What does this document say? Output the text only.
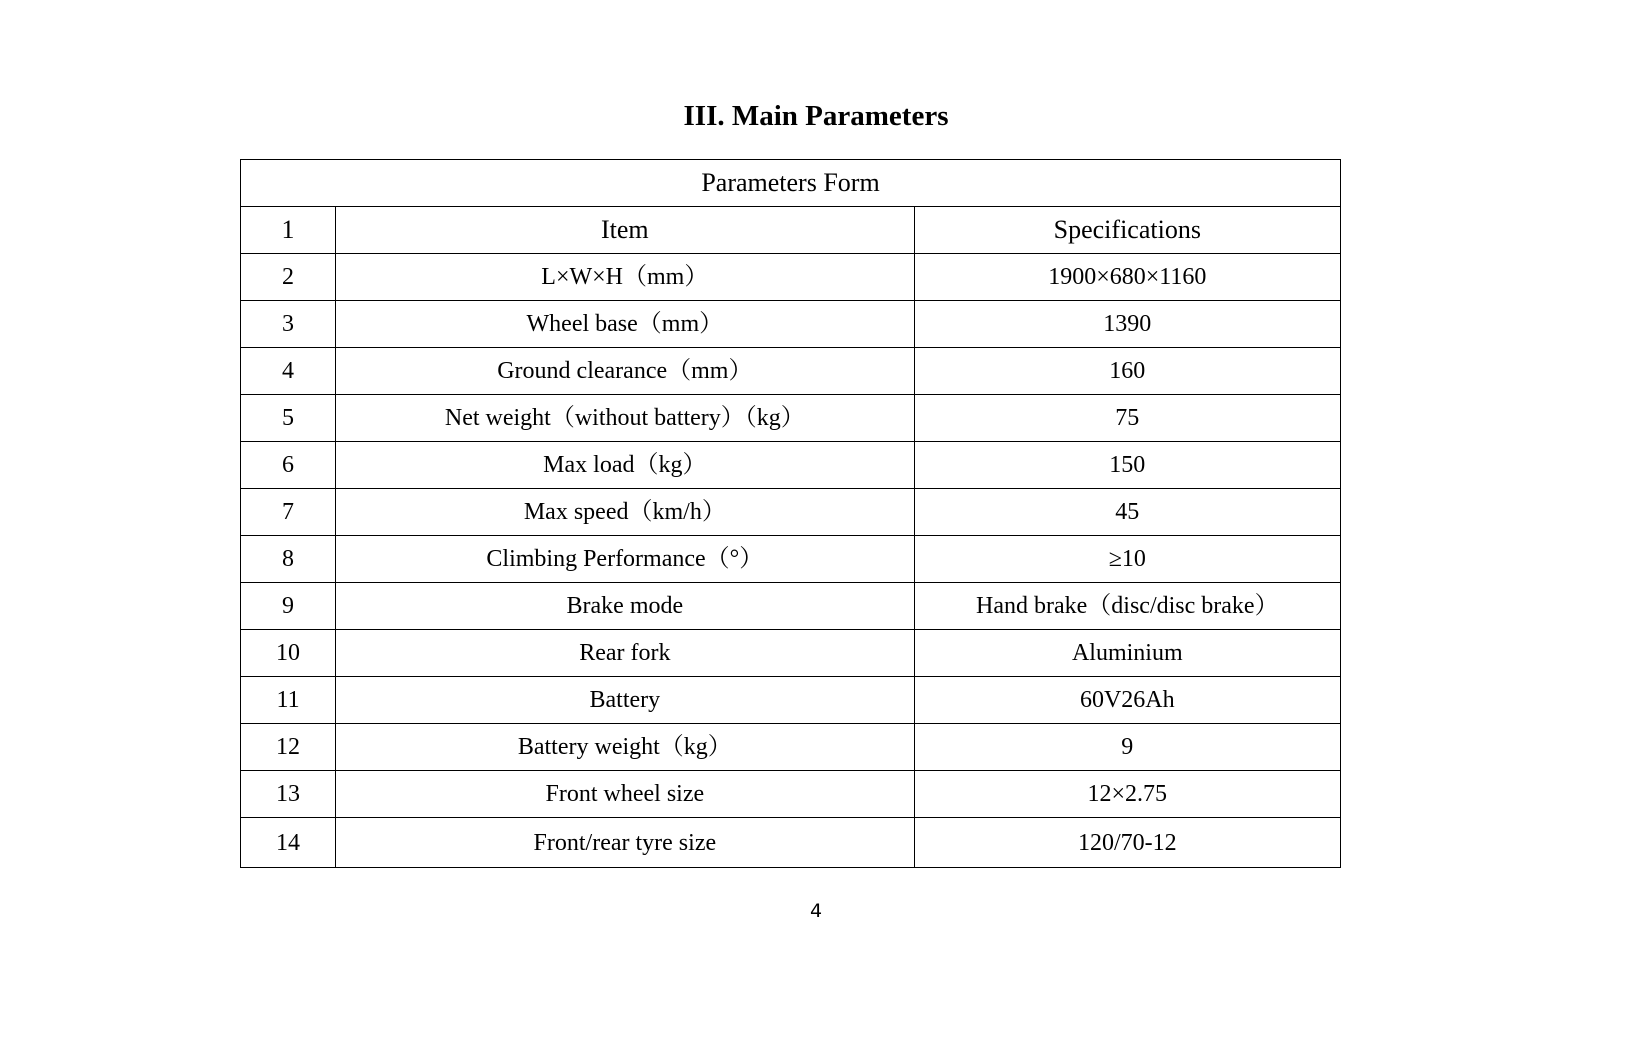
III. Main Parameters
Parameters Form		
1	Item	Specifications
2	L×W×H（mm）	1900×680×1160
3	Wheel base（mm）	1390
4	Ground clearance（mm）	160
5	Net weight（without battery）（kg）	75
6	Max load（kg）	150
7	Max speed（km/h）	45
8	Climbing Performance（°）	≥10
9	Brake mode	Hand brake（disc/disc brake）
10	Rear fork	Aluminium
11	Battery	60V26Ah
12	Battery weight（kg）	9
13	Front wheel size	12×2.75
14	Front/rear tyre size	120/70-12
4
